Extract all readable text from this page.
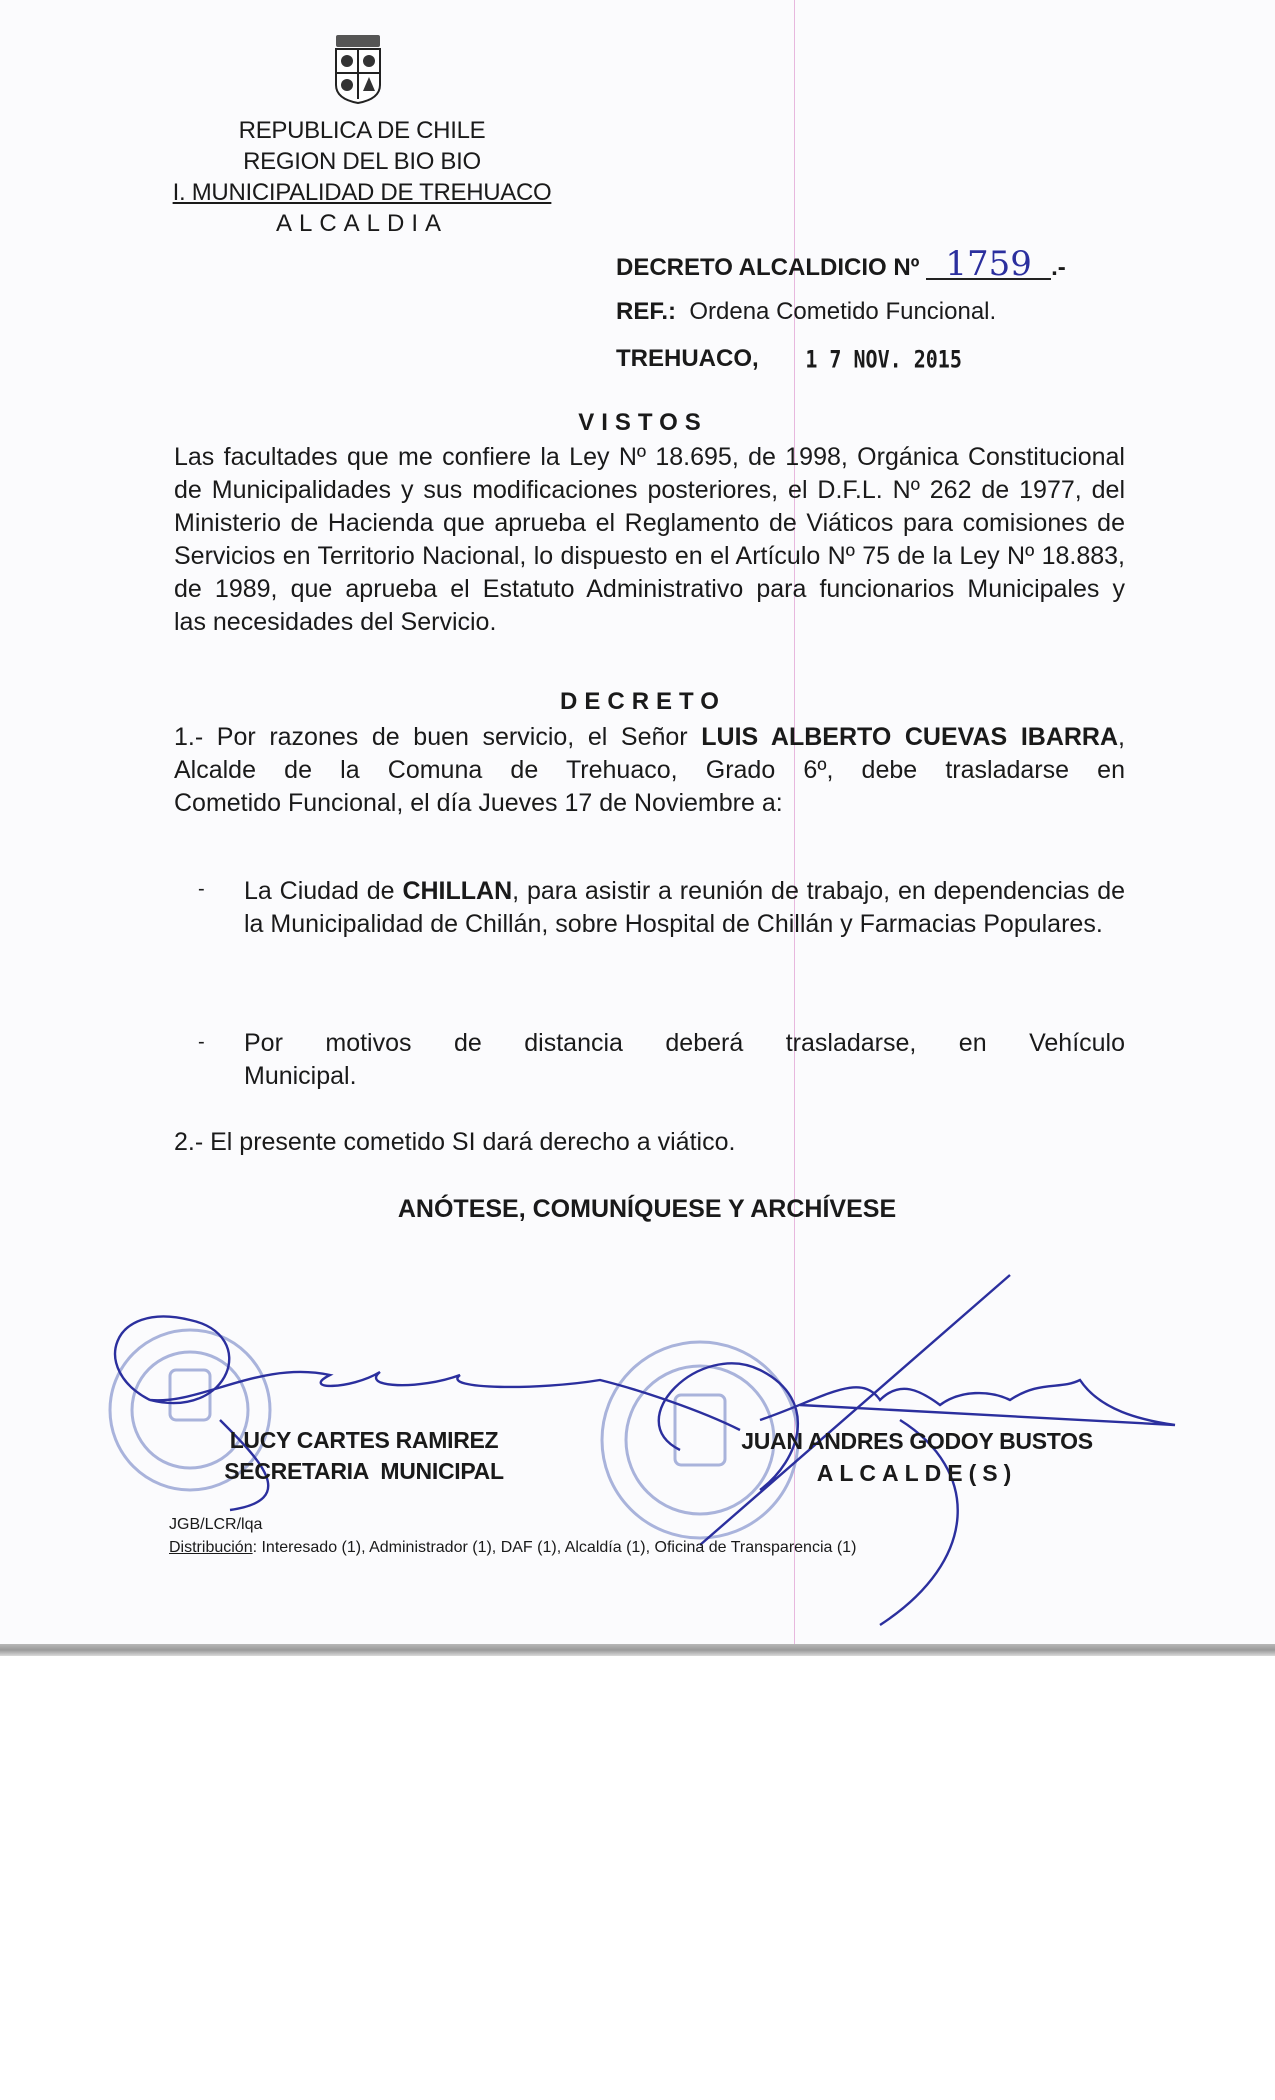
REPUBLICA DE CHILE
REGION DEL BIO BIO
I. MUNICIPALIDAD DE TREHUACO
ALCALDIA
DECRETO ALCALDICIO Nº 1759 .-
REF.: Ordena Cometido Funcional.
TREHUACO, 1 7 NOV. 2015
VISTOS
Las facultades que me confiere la Ley Nº 18.695, de 1998, Orgánica Constitucional de Municipalidades y sus modificaciones posteriores, el D.F.L. Nº 262 de 1977, del Ministerio de Hacienda que aprueba el Reglamento de Viáticos para comisiones de Servicios en Territorio Nacional, lo dispuesto en el Artículo Nº 75 de la Ley Nº 18.883, de 1989, que aprueba el Estatuto Administrativo para funcionarios Municipales y
las necesidades del Servicio.
DECRETO
1.- Por razones de buen servicio, el Señor LUIS ALBERTO CUEVAS IBARRA, Alcalde de la Comuna de Trehuaco, Grado 6º, debe trasladarse en
Cometido Funcional, el día Jueves 17 de Noviembre a:
- La Ciudad de CHILLAN, para asistir a reunión de trabajo, en dependencias de la Municipalidad de Chillán, sobre Hospital de Chillán y Farmacias Populares.
- Por motivos de distancia deberá trasladarse, en Vehículo Municipal.
2.- El presente cometido SI dará derecho a viático.
ANÓTESE, COMUNÍQUESE Y ARCHÍVESE
LUCY CARTES RAMIREZ
SECRETARIA  MUNICIPAL
JUAN ANDRES GODOY BUSTOS
ALCALDE(S)
JGB/LCR/lqa
Distribución: Interesado (1), Administrador (1), DAF (1), Alcaldía (1), Oficina de Transparencia (1)
